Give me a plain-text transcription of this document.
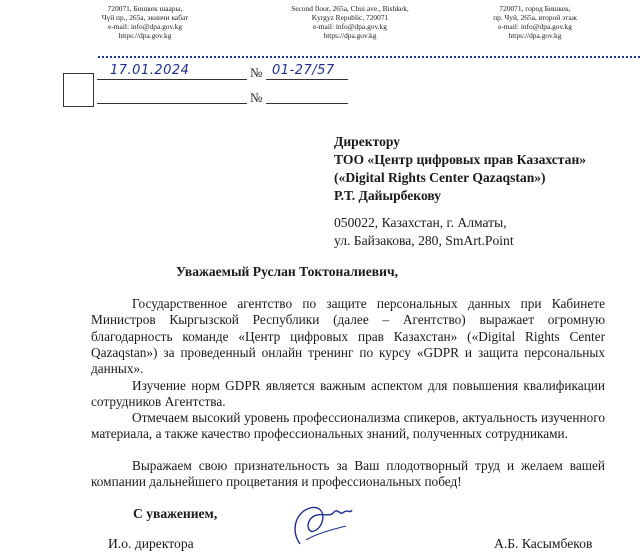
720071, Бишкек шаары,
Чүй пр., 265а, экинчи кабат
e-mail: info@dpa.gov.kg
https://dpa.gov.kg
Second floor, 265a, Chui ave., Bishkek,
Kyrgyz Republic, 720071
e-mail: info@dpa.gov.kg
https://dpa.gov.kg
720071, город Бишкек,
пр. Чуй, 265а, второй этаж
e-mail: info@dpa.gov.kg
https://dpa.gov.kg
17.01.2024	№ 01-27/57
№
Директору
ТОО «Центр цифровых прав Казахстан»
(«Digital Rights Center Qazaqstan»)
Р.Т. Дайырбекову
050022, Казахстан, г. Алматы,
ул. Байзакова, 280, SmArt.Point
Уважаемый Руслан Токтоналиевич,
Государственное агентство по защите персональных данных при Кабинете Министров Кыргызской Республики (далее – Агентство) выражает огромную благодарность команде «Центр цифровых прав Казахстан» («Digital Rights Center Qazaqstan») за проведенный онлайн тренинг по курсу «GDPR и защита персональных данных».
Изучение норм GDPR является важным аспектом для повышения квалификации сотрудников Агентства.
Отмечаем высокий уровень профессионализма спикеров, актуальность изученного материала, а также качество профессиональных знаний, полученных сотрудниками.
Выражаем свою признательность за Ваш плодотворный труд и желаем вашей компании дальнейшего процветания и профессиональных побед!
С уважением,
И.о. директора	А.Б. Касымбеков
